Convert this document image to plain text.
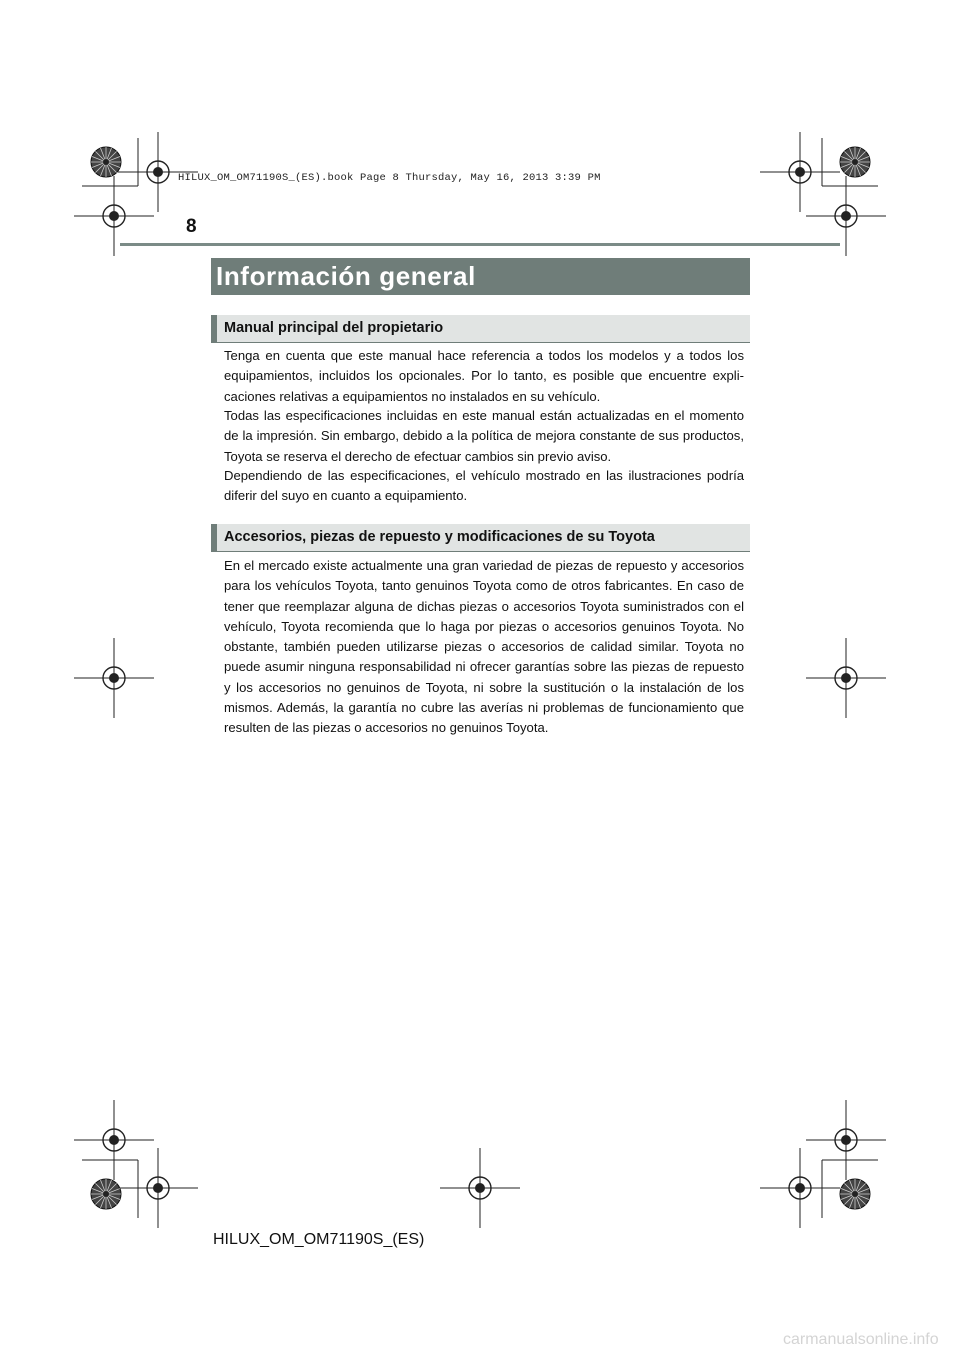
HILUX_OM_OM71190S_(ES).book Page 8 Thursday, May 16, 2013 3:39 PM
8
Información general
Manual principal del propietario

Tenga en cuenta que este manual hace referencia a todos los modelos y a todos los equipamientos, incluidos los opcionales. Por lo tanto, es posible que encuentre explicaciones relativas a equipamientos no instalados en su vehículo.

Todas las especificaciones incluidas en este manual están actualizadas en el momento de la impresión. Sin embargo, debido a la política de mejora constante de sus productos, Toyota se reserva el derecho de efectuar cambios sin previo aviso.

Dependiendo de las especificaciones, el vehículo mostrado en las ilustraciones podría diferir del suyo en cuanto a equipamiento.

Accesorios, piezas de repuesto y modificaciones de su Toyota

En el mercado existe actualmente una gran variedad de piezas de repuesto y accesorios para los vehículos Toyota, tanto genuinos Toyota como de otros fabricantes. En caso de tener que reemplazar alguna de dichas piezas o accesorios Toyota suministrados con el vehículo, Toyota recomienda que lo haga por piezas o accesorios genuinos Toyota. No obstante, también pueden utilizarse piezas o accesorios de calidad similar. Toyota no puede asumir ninguna responsabilidad ni ofrecer garantías sobre las piezas de repuesto y los accesorios no genuinos de Toyota, ni sobre la sustitución o la instalación de los mismos. Además, la garantía no cubre las averías ni problemas de funcionamiento que resulten de las piezas o accesorios no genuinos Toyota.

HILUX_OM_OM71190S_(ES)
carmanualsonline.info
